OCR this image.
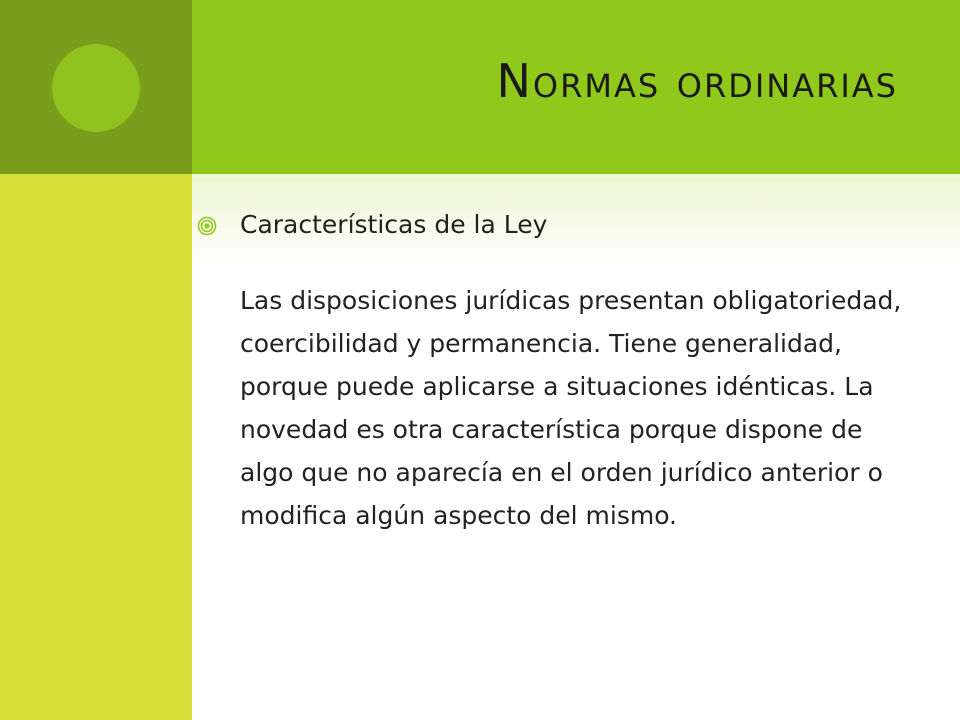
Normas ordinarias
Características de la Ley

Las disposiciones jurídicas presentan obligatoriedad, coercibilidad y permanencia. Tiene generalidad, porque puede aplicarse a situaciones idénticas. La novedad es otra característica porque dispone de algo que no aparecía en el orden jurídico anterior o modifica algún aspecto del mismo.
